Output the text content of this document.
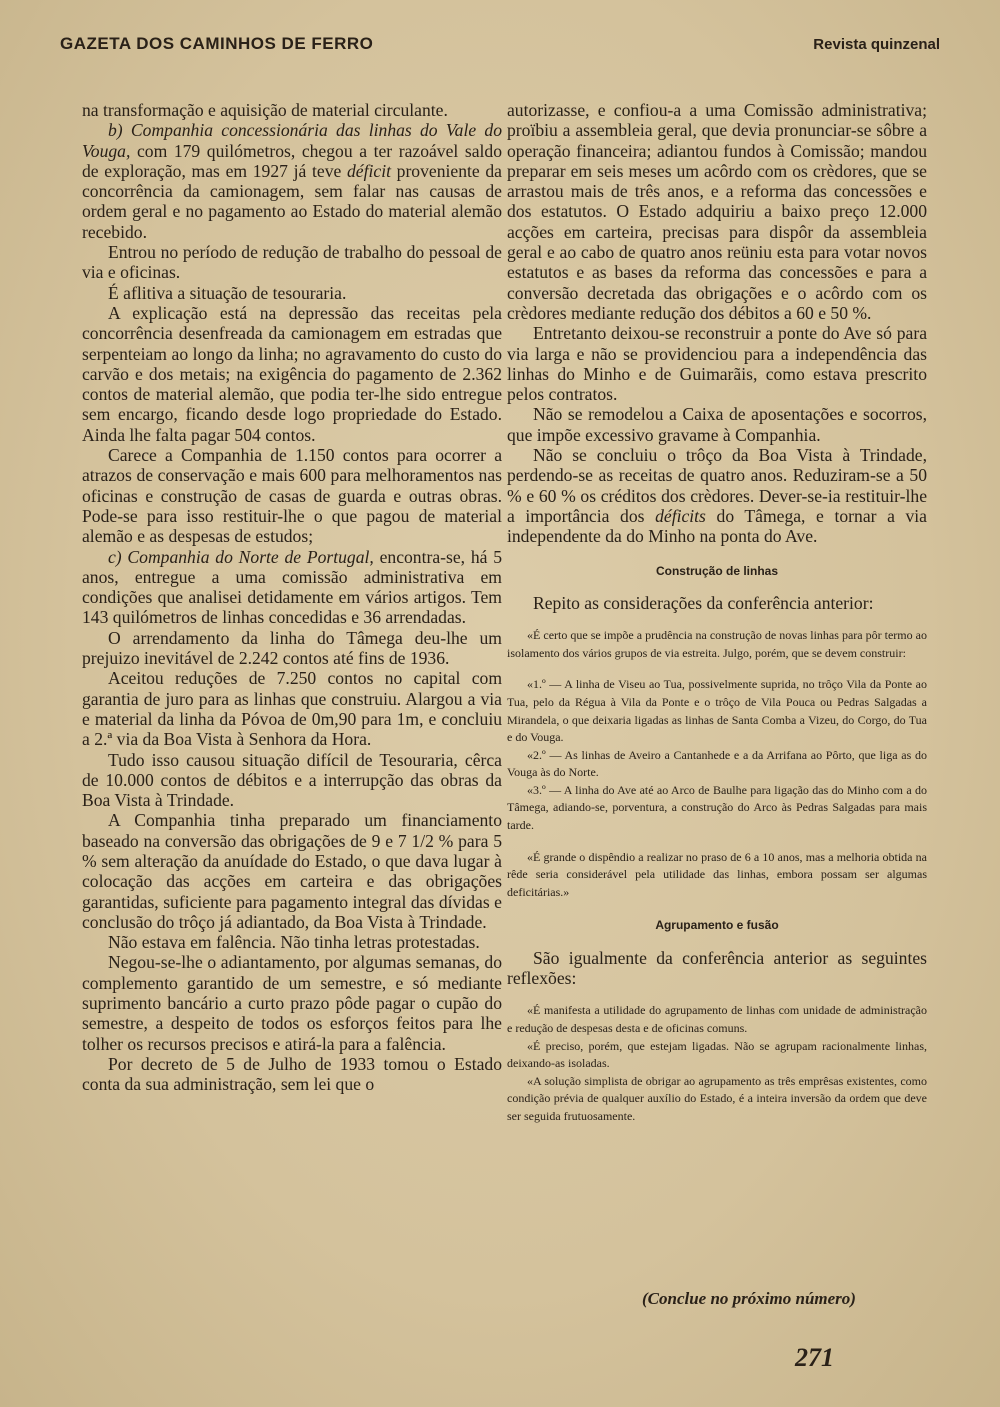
GAZETA DOS CAMINHOS DE FERRO	Revista quinzenal

na transformação e aquisição de material circulante.

b) Companhia concessionária das linhas do Vale do Vouga, com 179 quilómetros, chegou a ter razoável saldo de exploração, mas em 1927 já teve déficit proveniente da concorrência da camionagem, sem falar nas causas de ordem geral e no pagamento ao Estado do material alemão recebido.

Entrou no período de redução de trabalho do pessoal de via e oficinas.

É aflitiva a situação de tesouraria.

A explicação está na depressão das receitas pela concorrência desenfreada da camionagem em estradas que serpenteiam ao longo da linha; no agravamento do custo do carvão e dos metais; na exigência do pagamento de 2.362 contos de material alemão, que podia ter-lhe sido entregue sem encargo, ficando desde logo propriedade do Estado. Ainda lhe falta pagar 504 contos.

Carece a Companhia de 1.150 contos para ocorrer a atrazos de conservação e mais 600 para melhoramentos nas oficinas e construção de casas de guarda e outras obras. Pode-se para isso restituir-lhe o que pagou de material alemão e as despesas de estudos;

c) Companhia do Norte de Portugal, encontra-se, há 5 anos, entregue a uma comissão administrativa em condições que analisei detidamente em vários artigos. Tem 143 quilómetros de linhas concedidas e 36 arrendadas.

O arrendamento da linha do Tâmega deu-lhe um prejuizo inevitável de 2.242 contos até fins de 1936.

Aceitou reduções de 7.250 contos no capital com garantia de juro para as linhas que construiu. Alargou a via e material da linha da Póvoa de 0m,90 para 1m, e concluiu a 2.ª via da Boa Vista à Senhora da Hora.

Tudo isso causou situação difícil de Tesouraria, cêrca de 10.000 contos de débitos e a interrupção das obras da Boa Vista à Trindade.

A Companhia tinha preparado um financiamento baseado na conversão das obrigações de 9 e 7 1/2 % para 5 % sem alteração da anuídade do Estado, o que dava lugar à colocação das acções em carteira e das obrigações garantidas, suficiente para pagamento integral das dívidas e conclusão do trôço já adiantado, da Boa Vista à Trindade.

Não estava em falência. Não tinha letras protestadas.

Negou-se-lhe o adiantamento, por algumas semanas, do complemento garantido de um semestre, e só mediante suprimento bancário a curto prazo pôde pagar o cupão do semestre, a despeito de todos os esforços feitos para lhe tolher os recursos precisos e atirá-la para a falência.

Por decreto de 5 de Julho de 1933 tomou o Estado conta da sua administração, sem lei que o

autorizasse, e confiou-a a uma Comissão administrativa; proïbiu a assembleia geral, que devia pronunciar-se sôbre a operação financeira; adiantou fundos à Comissão; mandou preparar em seis meses um acôrdo com os crèdores, que se arrastou mais de três anos, e a reforma das concessões e dos estatutos. O Estado adquiriu a baixo preço 12.000 acções em carteira, precisas para dispôr da assembleia geral e ao cabo de quatro anos reüniu esta para votar novos estatutos e as bases da reforma das concessões e para a conversão decretada das obrigações e o acôrdo com os crèdores mediante redução dos débitos a 60 e 50 %.

Entretanto deixou-se reconstruir a ponte do Ave só para via larga e não se providenciou para a independência das linhas do Minho e de Guimarãis, como estava prescrito pelos contratos.

Não se remodelou a Caixa de aposentações e socorros, que impõe excessivo gravame à Companhia.

Não se concluiu o trôço da Boa Vista à Trindade, perdendo-se as receitas de quatro anos. Reduziram-se a 50 % e 60 % os créditos dos crèdores. Dever-se-ia restituir-lhe a importância dos déficits do Tâmega, e tornar a via independente da do Minho na ponta do Ave.

Construção de linhas

Repito as considerações da conferência anterior:

«É certo que se impõe a prudência na construção de novas linhas para pôr termo ao isolamento dos vários grupos de via estreita. Julgo, porém, que se devem construir:

«1.º — A linha de Viseu ao Tua, possivelmente suprida, no trôço Vila da Ponte ao Tua, pelo da Régua à Vila da Ponte e o trôço de Vila Pouca ou Pedras Salgadas a Mirandela, o que deixaria ligadas as linhas de Santa Comba a Vizeu, do Corgo, do Tua e do Vouga.

«2.º — As linhas de Aveiro a Cantanhede e a da Arrifana ao Pôrto, que liga as do Vouga às do Norte.

«3.º — A linha do Ave até ao Arco de Baulhe para ligação das do Minho com a do Tâmega, adiando-se, porventura, a construção do Arco às Pedras Salgadas para mais tarde.

«É grande o dispêndio a realizar no praso de 6 a 10 anos, mas a melhoria obtida na rêde seria considerável pela utilidade das linhas, embora possam ser algumas deficitárias.»

Agrupamento e fusão

São igualmente da conferência anterior as seguintes reflexões:

«É manifesta a utilidade do agrupamento de linhas com unidade de administração e redução de despesas desta e de oficinas comuns.

«É preciso, porém, que estejam ligadas. Não se agrupam racionalmente linhas, deixando-as isoladas.

«A solução simplista de obrigar ao agrupamento as três emprêsas existentes, como condição prévia de qualquer auxílio do Estado, é a inteira inversão da ordem que deve ser seguida frutuosamente.

(Conclue no próximo número)
271
